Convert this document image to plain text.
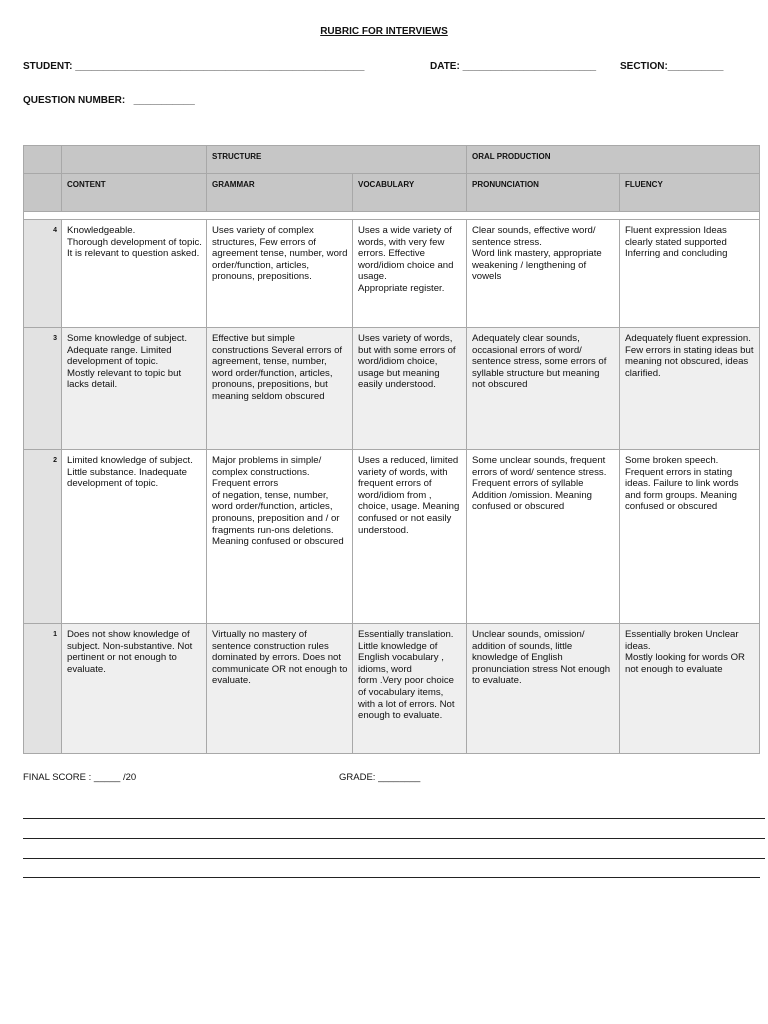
RUBRIC FOR INTERVIEWS
STUDENT: ____________________________________________________	DATE: ________________________ SECTION:__________
QUESTION NUMBER: ___________
		STRUCTURE		ORAL PRODUCTION	
	CONTENT	GRAMMAR	VOCABULARY	PRONUNCIATION	FLUENCY

4	Knowledgeable.
Thorough development of topic.
It is relevant to question asked.	Uses variety of complex structures, Few errors of agreement tense, number, word order/function, articles, pronouns, prepositions.	Uses a wide variety of words, with very few errors. Effective word/idiom choice and usage.
Appropriate register.	Clear sounds, effective word/ sentence stress.
Word link mastery, appropriate weakening / lengthening of vowels	Fluent expression Ideas clearly stated supported Inferring and concluding

3	Some knowledge of subject. Adequate range. Limited development of topic.
Mostly relevant to topic but lacks detail.	Effective but simple constructions Several errors of agreement, tense, number, word order/function, articles, pronouns, prepositions, but meaning seldom obscured	Uses variety of words, but with some errors of word/idiom choice, usage but meaning easily understood.	Adequately clear sounds, occasional errors of word/ sentence stress, some errors of syllable structure but meaning not obscured	Adequately fluent expression.
Few errors in stating ideas but
meaning not obscured, ideas clarified.

2	Limited knowledge of subject. Little substance. Inadequate development of topic.	Major problems in simple/ complex constructions. Frequent errors
of negation, tense, number, word order/function, articles, pronouns, preposition and / or fragments run-ons deletions. Meaning confused or obscured	Uses a reduced, limited variety of words, with frequent errors of word/idiom from , choice, usage. Meaning confused or not easily understood.	Some unclear sounds, frequent errors of word/ sentence stress.
Frequent errors of syllable Addition /omission. Meaning confused or obscured	Some broken speech. Frequent errors in stating ideas. Failure to link words and form groups. Meaning confused or obscured

1	Does not show knowledge of subject. Non-substantive. Not pertinent or not enough to evaluate.	Virtually no mastery of sentence construction rules dominated by errors. Does not communicate OR not enough to evaluate.	Essentially translation.
Little knowledge of English vocabulary , idioms, word
form .Very poor choice of vocabulary items, with a lot of errors. Not enough to evaluate.	Unclear sounds, omission/ addition of sounds, little knowledge of English pronunciation stress Not enough to evaluate.	Essentially broken Unclear ideas.
Mostly looking for words OR not enough to evaluate
FINAL SCORE : _____ /20	GRADE: ________
